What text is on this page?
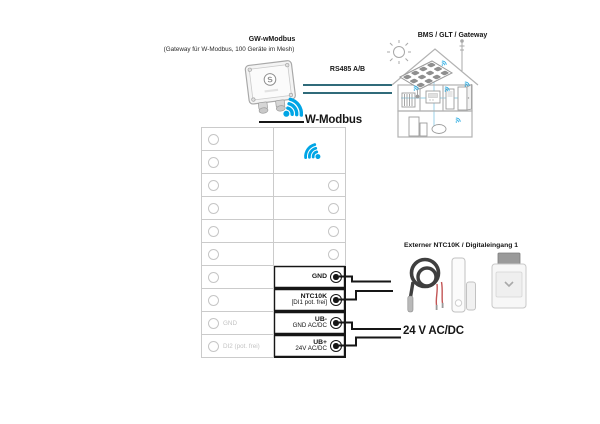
GW-wModbus
(Gateway für W-Modbus, 100 Geräte im Mesh)
RS485 A/B
BMS / GLT / Gateway
S
W-Modbus
GND
DI2 (pot. frei)
GND
NTC10K
[DI1 pot. frei]
UB-
GND AC/DC
UB+
24V AC/DC
Externer NTC10K / Digitaleingang 1
24 V AC/DC
